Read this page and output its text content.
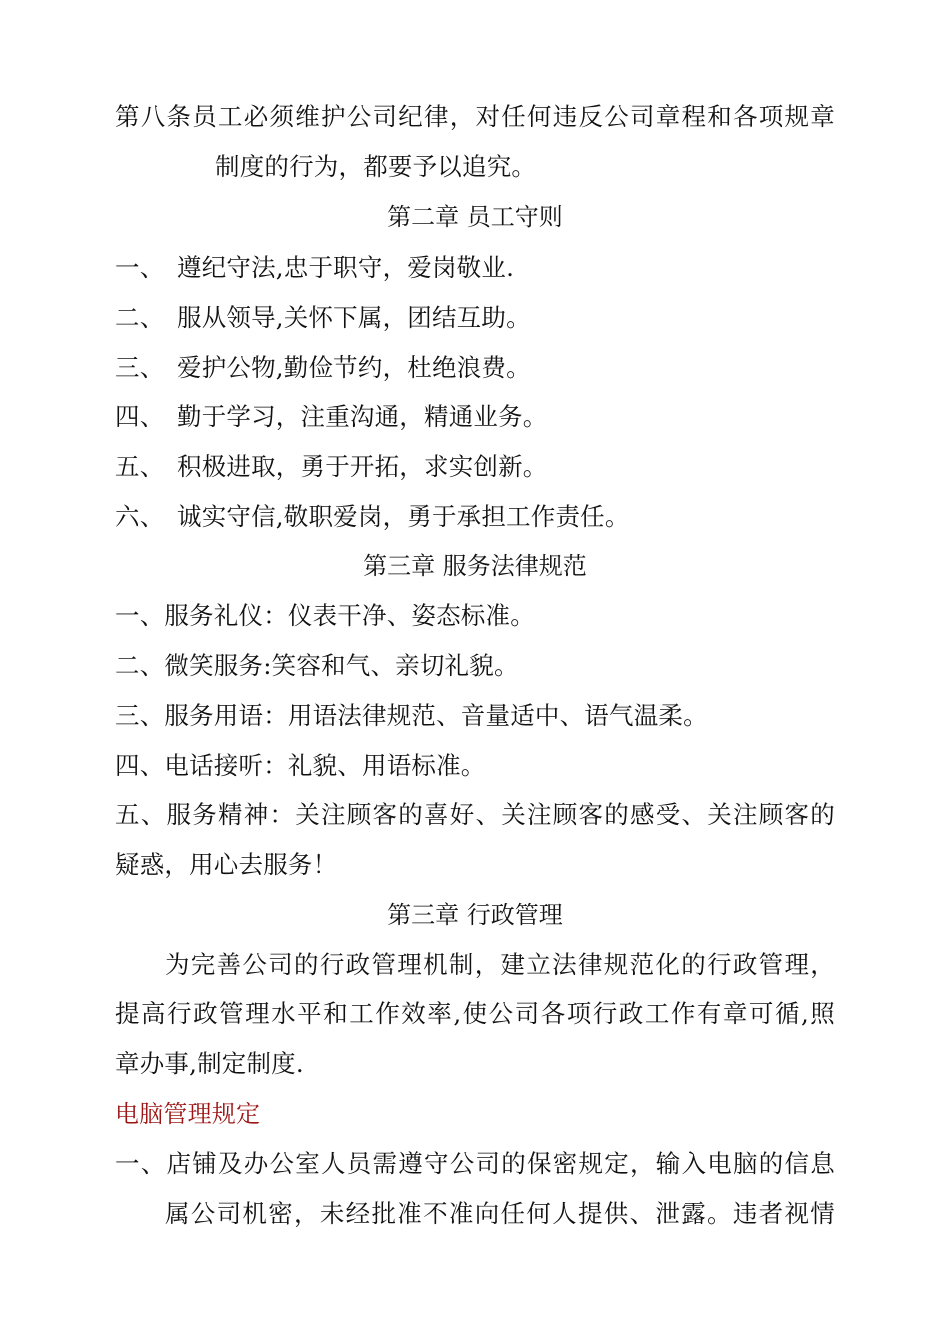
第八条员工必须维护公司纪律，对任何违反公司章程和各项规章
制度的行为，都要予以追究。
第二章 员工守则
一、 遵纪守法,忠于职守，爱岗敬业.
二、 服从领导,关怀下属，团结互助。
三、 爱护公物,勤俭节约，杜绝浪费。
四、 勤于学习，注重沟通，精通业务。
五、 积极进取，勇于开拓，求实创新。
六、 诚实守信,敬职爱岗，勇于承担工作责任。
第三章 服务法律规范
一、服务礼仪：仪表干净、姿态标准。
二、微笑服务:笑容和气、亲切礼貌。
三、服务用语：用语法律规范、音量适中、语气温柔。
四、电话接听：礼貌、用语标准。
五、服务精神：关注顾客的喜好、关注顾客的感受、关注顾客的
疑惑，用心去服务！
第三章 行政管理
为完善公司的行政管理机制，建立法律规范化的行政管理，
提高行政管理水平和工作效率,使公司各项行政工作有章可循,照
章办事,制定制度.
电脑管理规定
一、店铺及办公室人员需遵守公司的保密规定，输入电脑的信息
属公司机密，未经批准不准向任何人提供、泄露。违者视情
